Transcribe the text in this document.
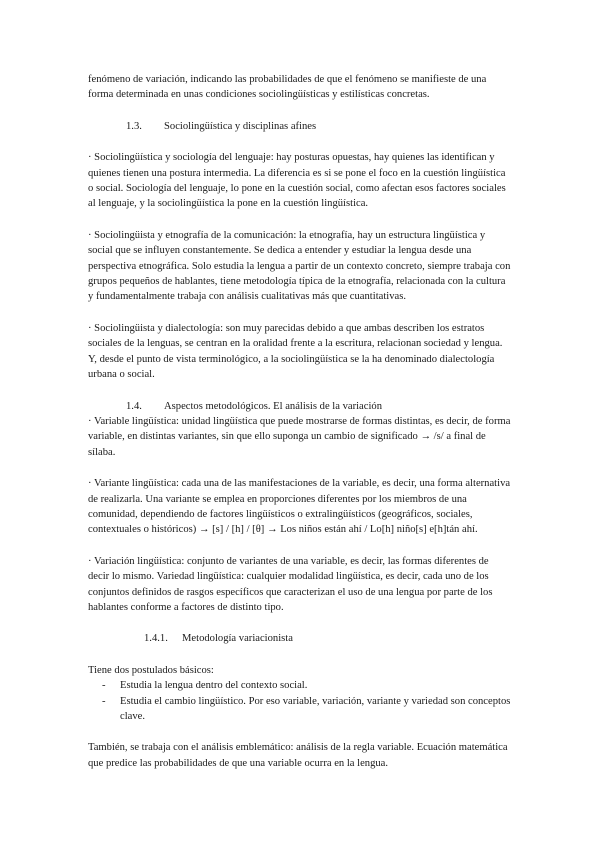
fenómeno de variación, indicando las probabilidades de que el fenómeno se manifieste de una forma determinada en unas condiciones sociolingüísticas y estilísticas concretas.

1.3. Sociolingüística y disciplinas afines

· Sociolingüística y sociología del lenguaje: hay posturas opuestas, hay quienes las identifican y quienes tienen una postura intermedia. La diferencia es si se pone el foco en la cuestión lingüística o social. Sociología del lenguaje, lo pone en la cuestión social, como afectan esos factores sociales al lenguaje, y la sociolingüística la pone en la cuestión lingüística.

· Sociolingüista y etnografía de la comunicación: la etnografía, hay un estructura lingüística y social que se influyen constantemente. Se dedica a entender y estudiar la lengua desde una perspectiva etnográfica. Solo estudia la lengua a partir de un contexto concreto, siempre trabaja con grupos pequeños de hablantes, tiene metodología típica de la etnografía, relacionada con la cultura y fundamentalmente trabaja con análisis cualitativas más que cuantitativas.

· Sociolingüista y dialectología: son muy parecidas debido a que ambas describen los estratos sociales de la lenguas, se centran en la oralidad frente a la escritura, relacionan sociedad y lengua. Y, desde el punto de vista terminológico, a la sociolingüística se la ha denominado dialectología urbana o social.

1.4. Aspectos metodológicos. El análisis de la variación

· Variable lingüística: unidad lingüística que puede mostrarse de formas distintas, es decir, de forma variable, en distintas variantes, sin que ello suponga un cambio de significado → /s/ a final de sílaba.

· Variante lingüística: cada una de las manifestaciones de la variable, es decir, una forma alternativa de realizarla. Una variante se emplea en proporciones diferentes por los miembros de una comunidad, dependiendo de factores lingüísticos o extralingüísticos (geográficos, sociales, contextuales o históricos) → [s] / [h] / [θ] → Los niños están ahí / Lo[h] niño[s] e[h]tán ahí.

· Variación lingüística: conjunto de variantes de una variable, es decir, las formas diferentes de decir lo mismo. Variedad lingüística: cualquier modalidad lingüística, es decir, cada uno de los conjuntos definidos de rasgos específicos que caracterizan el uso de una lengua por parte de los hablantes conforme a factores de distinto tipo.

1.4.1. Metodología variacionista

Tiene dos postulados básicos:

- Estudia la lengua dentro del contexto social.
- Estudia el cambio lingüístico. Por eso variable, variación, variante y variedad son conceptos clave.

También, se trabaja con el análisis emblemático: análisis de la regla variable. Ecuación matemática que predice las probabilidades de que una variable ocurra en la lengua.
